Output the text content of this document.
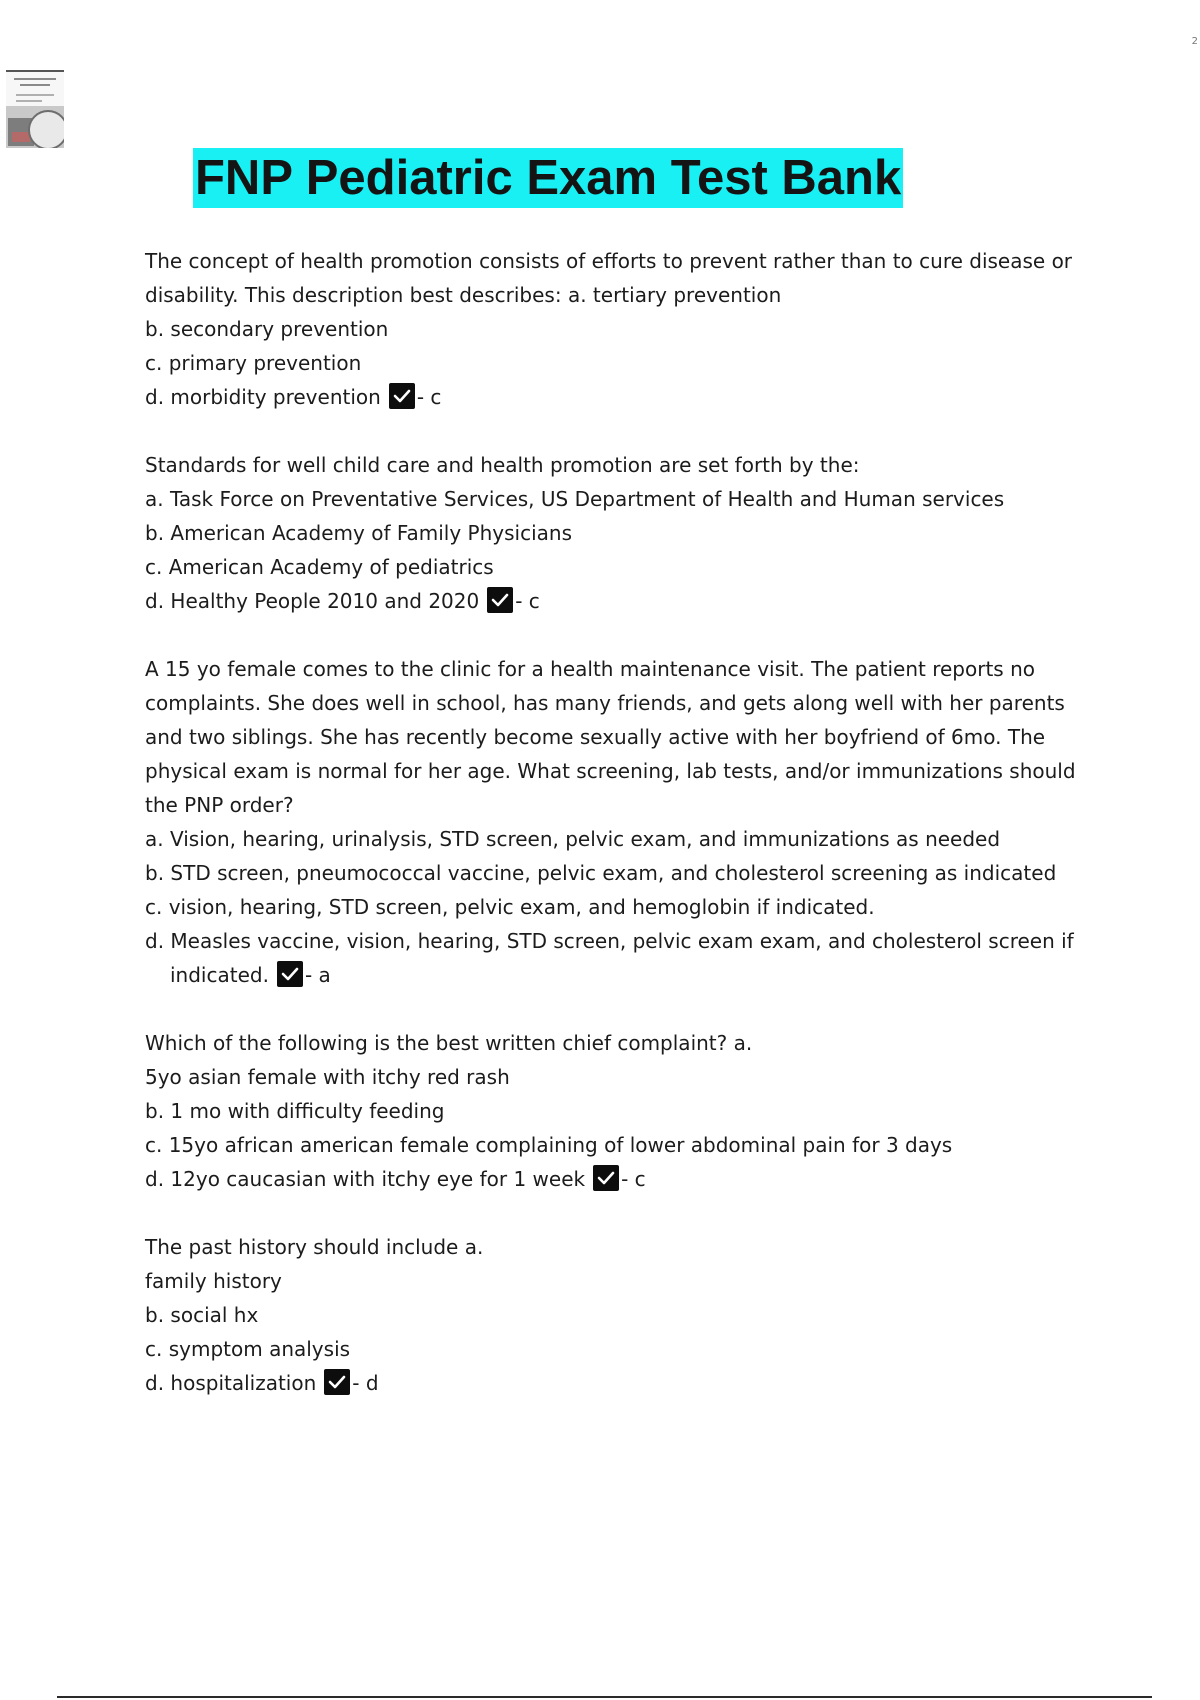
2
FNP Pediatric Exam Test Bank

The concept of health promotion consists of efforts to prevent rather than to cure disease or disability. This description best describes: a. tertiary prevention

b. secondary prevention

c. primary prevention

d. morbidity prevention - c

Standards for well child care and health promotion are set forth by the:

a. Task Force on Preventative Services, US Department of Health and Human services

b. American Academy of Family Physicians

c. American Academy of pediatrics

d. Healthy People 2010 and 2020 - c

A 15 yo female comes to the clinic for a health maintenance visit. The patient reports no complaints. She does well in school, has many friends, and gets along well with her parents and two siblings. She has recently become sexually active with her boyfriend of 6mo. The physical exam is normal for her age. What screening, lab tests, and/or immunizations should the PNP order?

a. Vision, hearing, urinalysis, STD screen, pelvic exam, and immunizations as needed

b. STD screen, pneumococcal vaccine, pelvic exam, and cholesterol screening as indicated

c. vision, hearing, STD screen, pelvic exam, and hemoglobin if indicated.

d. Measles vaccine, vision, hearing, STD screen, pelvic exam exam, and cholesterol screen if indicated. - a

Which of the following is the best written chief complaint? a.

5yo asian female with itchy red rash

b. 1 mo with difficulty feeding

c. 15yo african american female complaining of lower abdominal pain for 3 days

d. 12yo caucasian with itchy eye for 1 week - c

The past history should include a.

family history

b. social hx

c. symptom analysis

d. hospitalization - d
